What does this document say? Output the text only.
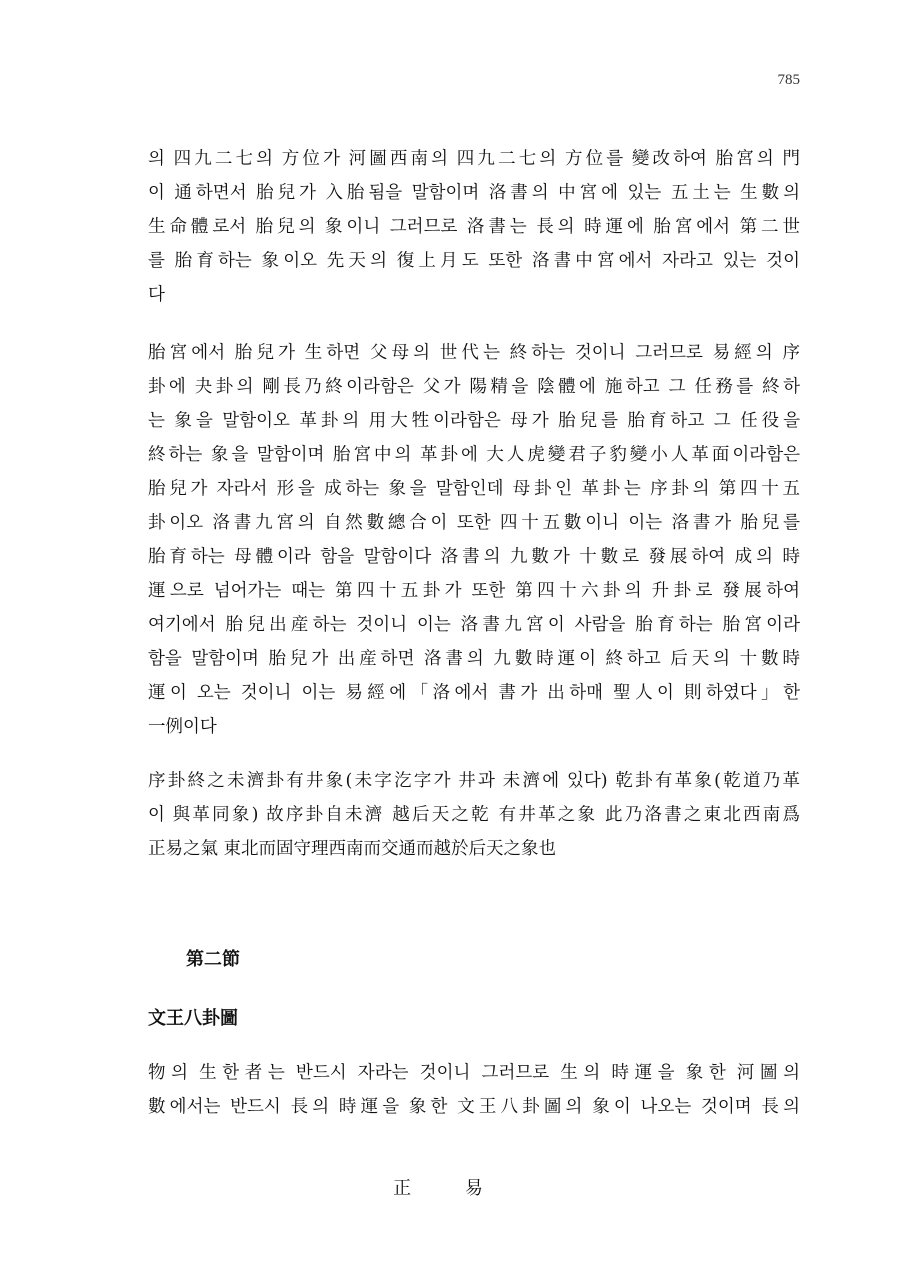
785
의 四九二七의 方位가 河圖西南의 四九二七의 方位를 變改하여 胎宮의 門
이 通하면서 胎兒가 入胎됨을 말함이며 洛書의 中宮에 있는 五土는 生數의
生命體로서 胎兒의 象이니 그러므로 洛書는 長의 時運에 胎宮에서 第二世
를 胎育하는 象이오 先天의 復上月도 또한 洛書中宮에서 자라고 있는 것이
다
胎宮에서 胎兒가 生하면 父母의 世代는 終하는 것이니 그러므로 易經의 序
卦에 夬卦의 剛長乃終이라함은 父가 陽精을 陰體에 施하고 그 任務를 終하
는 象을 말함이오 革卦의 用大牲이라함은 母가 胎兒를 胎育하고 그 任役을
終하는 象을 말함이며 胎宮中의 革卦에 大人虎變君子豹變小人革面이라함은
胎兒가 자라서 形을 成하는 象을 말함인데 母卦인 革卦는 序卦의 第四十五
卦이오 洛書九宮의 自然數總合이 또한 四十五數이니 이는 洛書가 胎兒를
胎育하는 母體이라 함을 말함이다 洛書의 九數가 十數로 發展하여 成의 時
運으로 넘어가는 때는 第四十五卦가 또한 第四十六卦의 升卦로 發展하여
여기에서 胎兒出産하는 것이니 이는 洛書九宮이 사람을 胎育하는 胎宮이라
함을 말함이며 胎兒가 出産하면 洛書의 九數時運이 終하고 后天의 十數時
運이 오는 것이니 이는 易經에「洛에서 書가 出하매 聖人이 則하였다」한
一例이다
序卦終之未濟卦有井象(未字汔字가 井과 未濟에 있다) 乾卦有革象(乾道乃革
이 與革同象) 故序卦自未濟 越后天之乾 有井革之象 此乃洛書之東北西南爲
正易之氣 東北而固守理西南而交通而越於后天之象也
第二節
文王八卦圖
物의 生한者는 반드시 자라는 것이니 그러므로 生의 時運을 象한 河圖의
數에서는 반드시 長의 時運을 象한 文王八卦圖의 象이 나오는 것이며 長의
正 易
